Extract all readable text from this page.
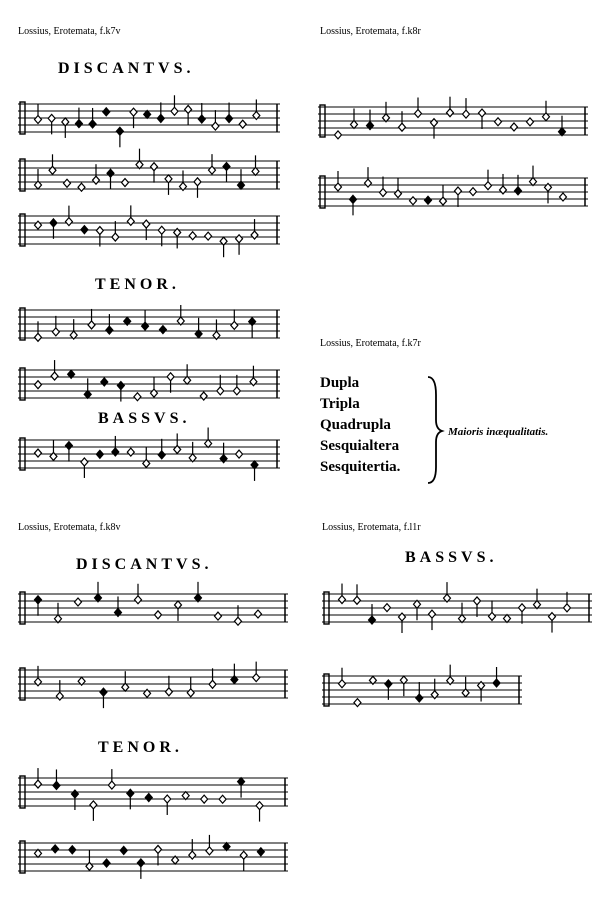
Lossius, Erotemata, f.k7v	Lossius, Erotemata, f.k8r
Lossius, Erotemata, f.k7r
Lossius, Erotemata, f.k8v	Lossius, Erotemata, f.l1r
DISCANTVS.
TENOR.
BASSVS.
DISCANTVS.
TENOR.
BASSVS.
Dupla
Tripla
Quadrupla
Sesquialtera
Sesquitertia.
Maioris inæqualitatis.
